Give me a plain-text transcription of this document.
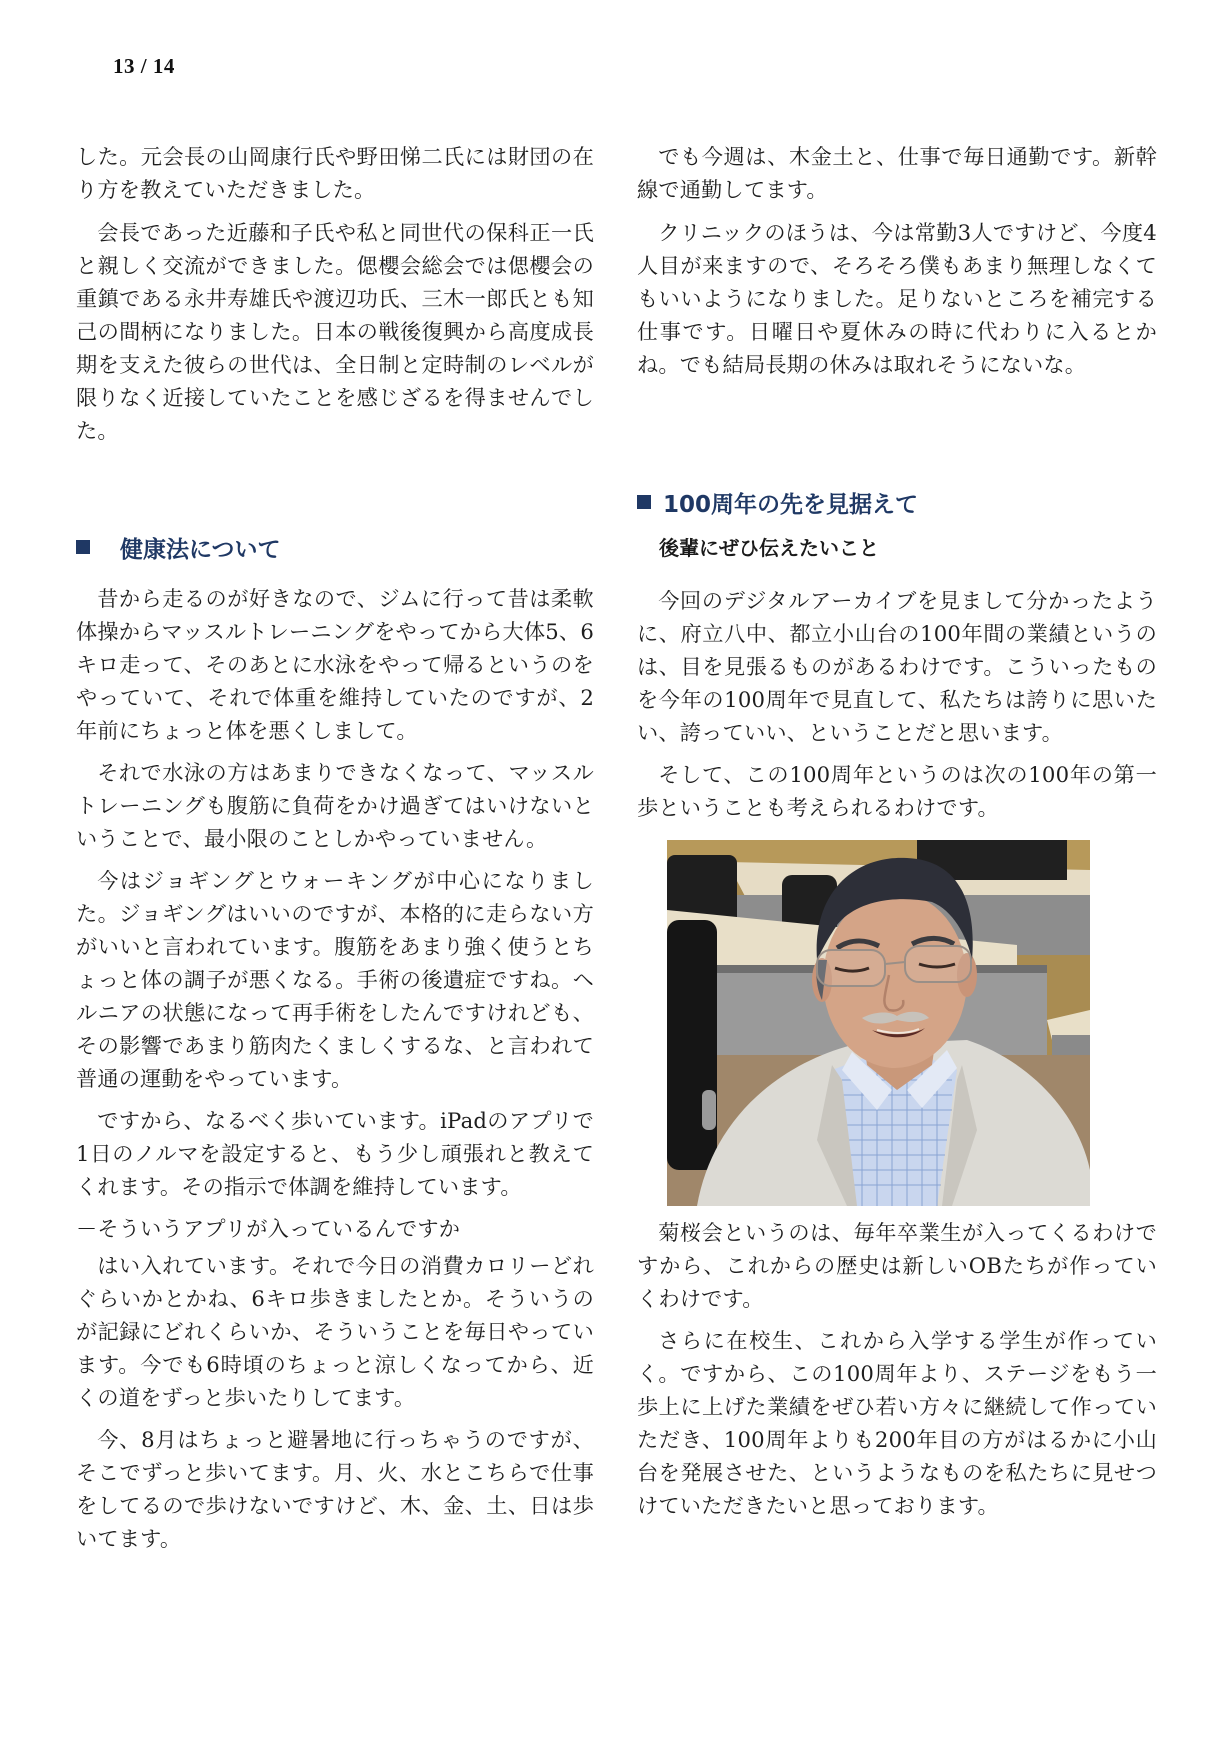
13 / 14

した。元会長の山岡康行氏や野田悌二氏には財団の在り方を教えていただきました。

会長であった近藤和子氏や私と同世代の保科正一氏と親しく交流ができました。偲櫻会総会では偲櫻会の重鎮である永井寿雄氏や渡辺功氏、三木一郎氏とも知己の間柄になりました。日本の戦後復興から高度成長期を支えた彼らの世代は、全日制と定時制のレベルが限りなく近接していたことを感じざるを得ませんでした。

健康法について

昔から走るのが好きなので、ジムに行って昔は柔軟体操からマッスルトレーニングをやってから大体5、6キロ走って、そのあとに水泳をやって帰るというのをやっていて、それで体重を維持していたのですが、2年前にちょっと体を悪くしまして。

それで水泳の方はあまりできなくなって、マッスルトレーニングも腹筋に負荷をかけ過ぎてはいけないということで、最小限のことしかやっていません。

今はジョギングとウォーキングが中心になりました。ジョギングはいいのですが、本格的に走らない方がいいと言われています。腹筋をあまり強く使うとちょっと体の調子が悪くなる。手術の後遺症ですね。ヘルニアの状態になって再手術をしたんですけれども、その影響であまり筋肉たくましくするな、と言われて普通の運動をやっています。

ですから、なるべく歩いています。iPadのアプリで1日のノルマを設定すると、もう少し頑張れと教えてくれます。その指示で体調を維持しています。

－そういうアプリが入っているんですか

はい入れています。それで今日の消費カロリーどれぐらいかとかね、6キロ歩きましたとか。そういうのが記録にどれくらいか、そういうことを毎日やっています。今でも6時頃のちょっと涼しくなってから、近くの道をずっと歩いたりしてます。

今、8月はちょっと避暑地に行っちゃうのですが、そこでずっと歩いてます。月、火、水とこちらで仕事をしてるので歩けないですけど、木、金、土、日は歩いてます。

でも今週は、木金土と、仕事で毎日通勤です。新幹線で通勤してます。

クリニックのほうは、今は常勤3人ですけど、今度4人目が来ますので、そろそろ僕もあまり無理しなくてもいいようになりました。足りないところを補完する仕事です。日曜日や夏休みの時に代わりに入るとかね。でも結局長期の休みは取れそうにないな。

100周年の先を見据えて
後輩にぜひ伝えたいこと

今回のデジタルアーカイブを見まして分かったように、府立八中、都立小山台の100年間の業績というのは、目を見張るものがあるわけです。こういったものを今年の100周年で見直して、私たちは誇りに思いたい、誇っていい、ということだと思います。

そして、この100周年というのは次の100年の第一歩ということも考えられるわけです。

菊桜会というのは、毎年卒業生が入ってくるわけですから、これからの歴史は新しいOBたちが作っていくわけです。

さらに在校生、これから入学する学生が作っていく。ですから、この100周年より、ステージをもう一歩上に上げた業績をぜひ若い方々に継続して作っていただき、100周年よりも200年目の方がはるかに小山台を発展させた、というようなものを私たちに見せつけていただきたいと思っております。
